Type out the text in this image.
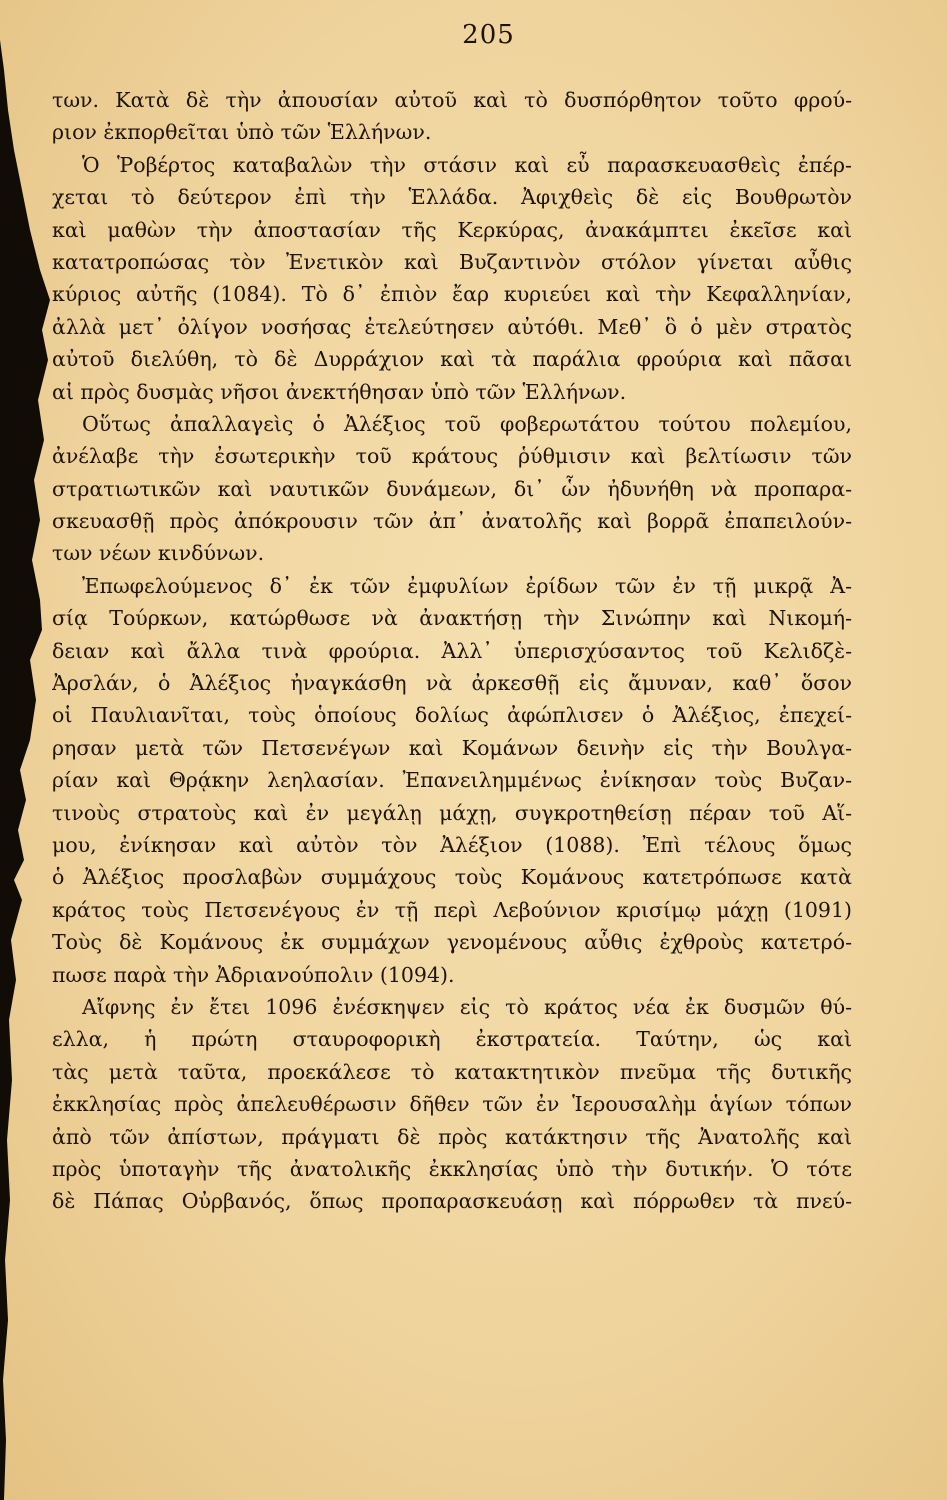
205
των. Κατὰ δὲ τὴν ἀπουσίαν αὐτοῦ καὶ τὸ δυσπόρθητον τοῦτο φρού-
ριον ἐκπορθεῖται ὑπὸ τῶν Ἑλλήνων.
Ὁ Ῥοβέρτος καταβαλὼν τὴν στάσιν καὶ εὖ παρασκευασθεὶς ἐπέρ-
χεται τὸ δεύτερον ἐπὶ τὴν Ἑλλάδα. Ἀφιχθεὶς δὲ εἰς Βουθρωτὸν
καὶ μαθὼν τὴν ἀποστασίαν τῆς Κερκύρας, ἀνακάμπτει ἐκεῖσε καὶ
κατατροπώσας τὸν Ἐνετικὸν καὶ Βυζαντινὸν στόλον γίνεται αὖθις
κύριος αὐτῆς (1084). Τὸ δ᾽ ἐπιὸν ἔαρ κυριεύει καὶ τὴν Κεφαλληνίαν,
ἀλλὰ μετ᾽ ὀλίγον νοσήσας ἐτελεύτησεν αὐτόθι. Μεθ᾽ ὃ ὁ μὲν στρατὸς
αὐτοῦ διελύθη, τὸ δὲ Δυρράχιον καὶ τὰ παράλια φρούρια καὶ πᾶσαι
αἱ πρὸς δυσμὰς νῆσοι ἀνεκτήθησαν ὑπὸ τῶν Ἑλλήνων.
Οὕτως ἀπαλλαγεὶς ὁ Ἀλέξιος τοῦ φοβερωτάτου τούτου πολεμίου,
ἀνέλαβε τὴν ἐσωτερικὴν τοῦ κράτους ῥύθμισιν καὶ βελτίωσιν τῶν
στρατιωτικῶν καὶ ναυτικῶν δυνάμεων, δι᾽ ὧν ἠδυνήθη νὰ προπαρα-
σκευασθῇ πρὸς ἀπόκρουσιν τῶν ἀπ᾽ ἀνατολῆς καὶ βορρᾶ ἐπαπειλούν-
των νέων κινδύνων.
Ἐπωφελούμενος δ᾽ ἐκ τῶν ἐμφυλίων ἐρίδων τῶν ἐν τῇ μικρᾷ Ἀ-
σίᾳ Τούρκων, κατώρθωσε νὰ ἀνακτήσῃ τὴν Σινώπην καὶ Νικομή-
δειαν καὶ ἄλλα τινὰ φρούρια. Ἀλλ᾽ ὑπερισχύσαντος τοῦ Κελιδζὲ-
Ἀρσλάν, ὁ Ἀλέξιος ἠναγκάσθη νὰ ἀρκεσθῇ εἰς ἄμυναν, καθ᾽ ὅσον
οἱ Παυλιανῖται, τοὺς ὁποίους δολίως ἀφώπλισεν ὁ Ἀλέξιος, ἐπεχεί-
ρησαν μετὰ τῶν Πετσενέγων καὶ Κομάνων δεινὴν εἰς τὴν Βουλγα-
ρίαν καὶ Θρᾴκην λεηλασίαν. Ἐπανειλημμένως ἐνίκησαν τοὺς Βυζαν-
τινοὺς στρατοὺς καὶ ἐν μεγάλῃ μάχῃ, συγκροτηθείσῃ πέραν τοῦ Αἵ-
μου, ἐνίκησαν καὶ αὐτὸν τὸν Ἀλέξιον (1088). Ἐπὶ τέλους ὅμως
ὁ Ἀλέξιος προσλαβὼν συμμάχους τοὺς Κομάνους κατετρόπωσε κατὰ
κράτος τοὺς Πετσενέγους ἐν τῇ περὶ Λεβούνιον κρισίμῳ μάχῃ (1091)
Τοὺς δὲ Κομάνους ἐκ συμμάχων γενομένους αὖθις ἐχθροὺς κατετρό-
πωσε παρὰ τὴν Ἀδριανούπολιν (1094).
Αἴφνης ἐν ἔτει 1096 ἐνέσκηψεν εἰς τὸ κράτος νέα ἐκ δυσμῶν θύ-
ελλα, ἡ πρώτη σταυροφορικὴ ἐκστρατεία. Ταύτην, ὡς καὶ
τὰς μετὰ ταῦτα, προεκάλεσε τὸ κατακτητικὸν πνεῦμα τῆς δυτικῆς
ἐκκλησίας πρὸς ἀπελευθέρωσιν δῆθεν τῶν ἐν Ἱερουσαλὴμ ἁγίων τόπων
ἀπὸ τῶν ἀπίστων, πράγματι δὲ πρὸς κατάκτησιν τῆς Ἀνατολῆς καὶ
πρὸς ὑποταγὴν τῆς ἀνατολικῆς ἐκκλησίας ὑπὸ τὴν δυτικήν. Ὁ τότε
δὲ Πάπας Οὐρβανός, ὅπως προπαρασκευάσῃ καὶ πόρρωθεν τὰ πνεύ-
